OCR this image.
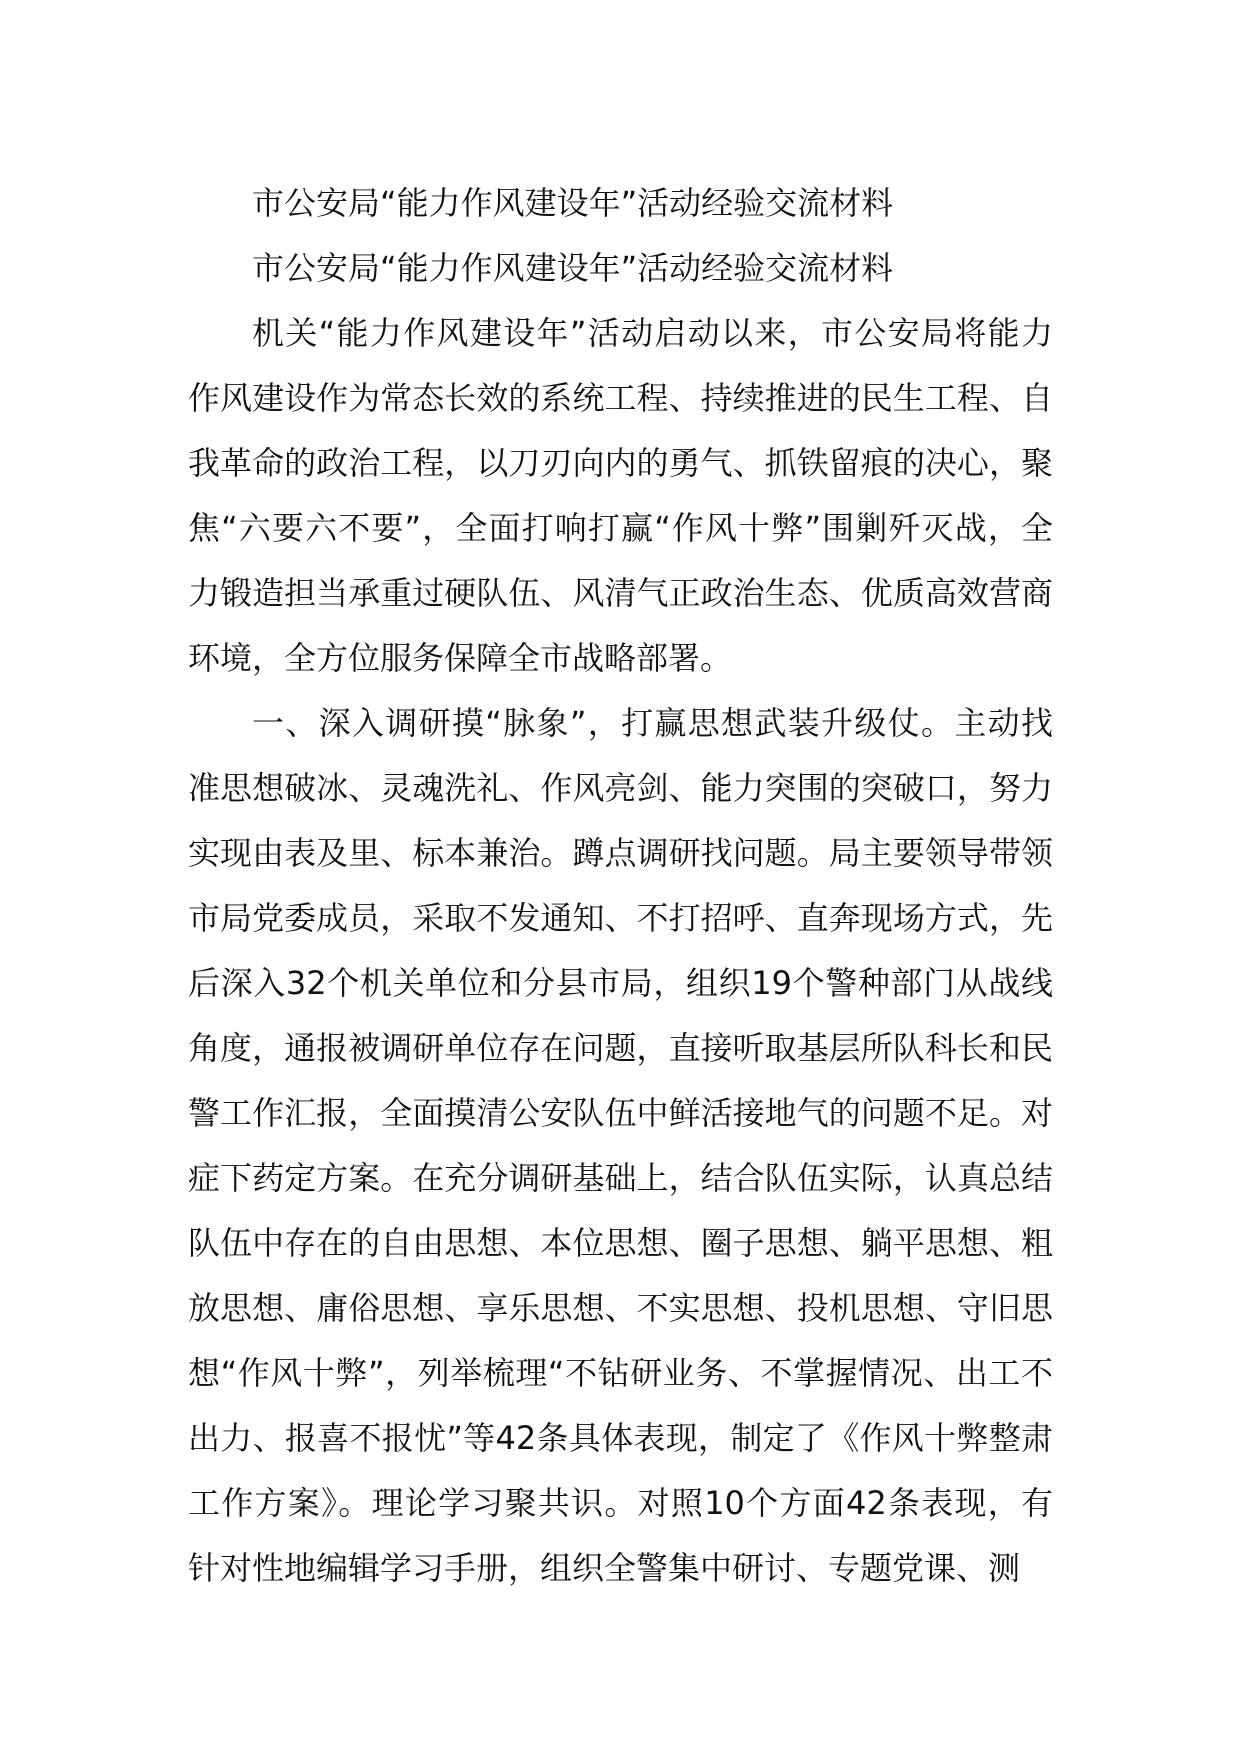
市公安局“能力作风建设年”活动经验交流材料
市公安局“能力作风建设年”活动经验交流材料

机关“能力作风建设年”活动启动以来，市公安局将能力作风建设作为常态长效的系统工程、持续推进的民生工程、自我革命的政治工程，以刀刃向内的勇气、抓铁留痕的决心，聚焦“六要六不要”，全面打响打赢“作风十弊”围剿歼灭战，全力锻造担当承重过硬队伍、风清气正政治生态、优质高效营商环境，全方位服务保障全市战略部署。

一、深入调研摸“脉象”，打赢思想武装升级仗。主动找准思想破冰、灵魂洗礼、作风亮剑、能力突围的突破口，努力实现由表及里、标本兼治。蹲点调研找问题。局主要领导带领市局党委成员，采取不发通知、不打招呼、直奔现场方式，先后深入32个机关单位和分县市局，组织19个警种部门从战线角度，通报被调研单位存在问题，直接听取基层所队科长和民警工作汇报，全面摸清公安队伍中鲜活接地气的问题不足。对症下药定方案。在充分调研基础上，结合队伍实际，认真总结队伍中存在的自由思想、本位思想、圈子思想、躺平思想、粗放思想、庸俗思想、享乐思想、不实思想、投机思想、守旧思想“作风十弊”，列举梳理“不钻研业务、不掌握情况、出工不出力、报喜不报忧”等42条具体表现，制定了《作风十弊整肃工作方案》。理论学习聚共识。对照10个方面42条表现，有针对性地编辑学习手册，组织全警集中研讨、专题党课、测
